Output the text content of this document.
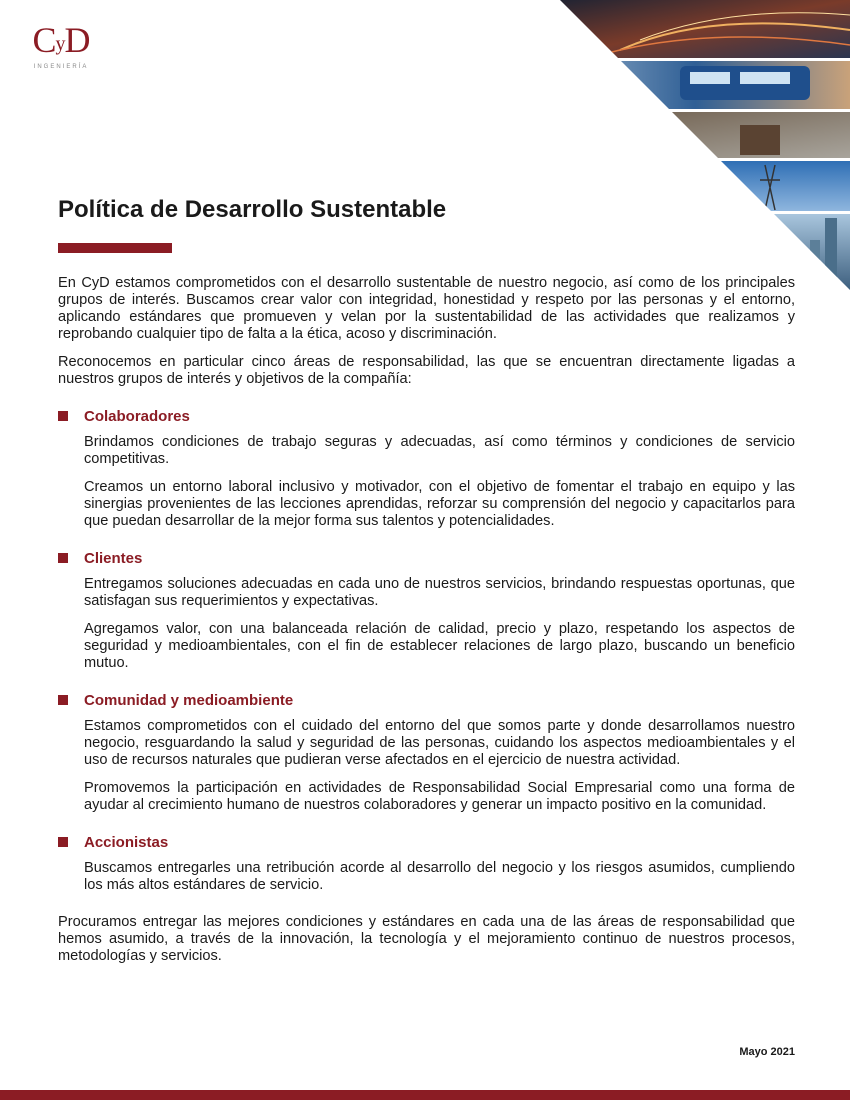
CyD
INGENIERÍA
Política de Desarrollo Sustentable

En CyD estamos comprometidos con el desarrollo sustentable de nuestro negocio, así como de los principales grupos de interés. Buscamos crear valor con integridad, honestidad y respeto por las personas y el entorno, aplicando estándares que promueven y velan por la sustentabilidad de las actividades que realizamos y reprobando cualquier tipo de falta a la ética, acoso y discriminación.

Reconocemos en particular cinco áreas de responsabilidad, las que se encuentran directamente ligadas a nuestros grupos de interés y objetivos de la compañía:

Colaboradores

Brindamos condiciones de trabajo seguras y adecuadas, así como términos y condiciones de servicio competitivas.

Creamos un entorno laboral inclusivo y motivador, con el objetivo de fomentar el trabajo en equipo y las sinergias provenientes de las lecciones aprendidas, reforzar su comprensión del negocio y capacitarlos para que puedan desarrollar de la mejor forma sus talentos y potencialidades.

Clientes

Entregamos soluciones adecuadas en cada uno de nuestros servicios, brindando respuestas oportunas, que satisfagan sus requerimientos y expectativas.

Agregamos valor, con una balanceada relación de calidad, precio y plazo, respetando los aspectos de seguridad y medioambientales, con el fin de establecer relaciones de largo plazo, buscando un beneficio mutuo.

Comunidad y medioambiente

Estamos comprometidos con el cuidado del entorno del que somos parte y donde desarrollamos nuestro negocio, resguardando la salud y seguridad de las personas, cuidando los aspectos medioambientales y el uso de recursos naturales que pudieran verse afectados en el ejercicio de nuestra actividad.

Promovemos la participación en actividades de Responsabilidad Social Empresarial como una forma de ayudar al crecimiento humano de nuestros colaboradores y generar un impacto positivo en la comunidad.

Accionistas

Buscamos entregarles una retribución acorde al desarrollo del negocio y los riesgos asumidos, cumpliendo los más altos estándares de servicio.

Procuramos entregar las mejores condiciones y estándares en cada una de las áreas de responsabilidad que hemos asumido, a través de la innovación, la tecnología y el mejoramiento continuo de nuestros procesos, metodologías y servicios.

Mayo 2021
